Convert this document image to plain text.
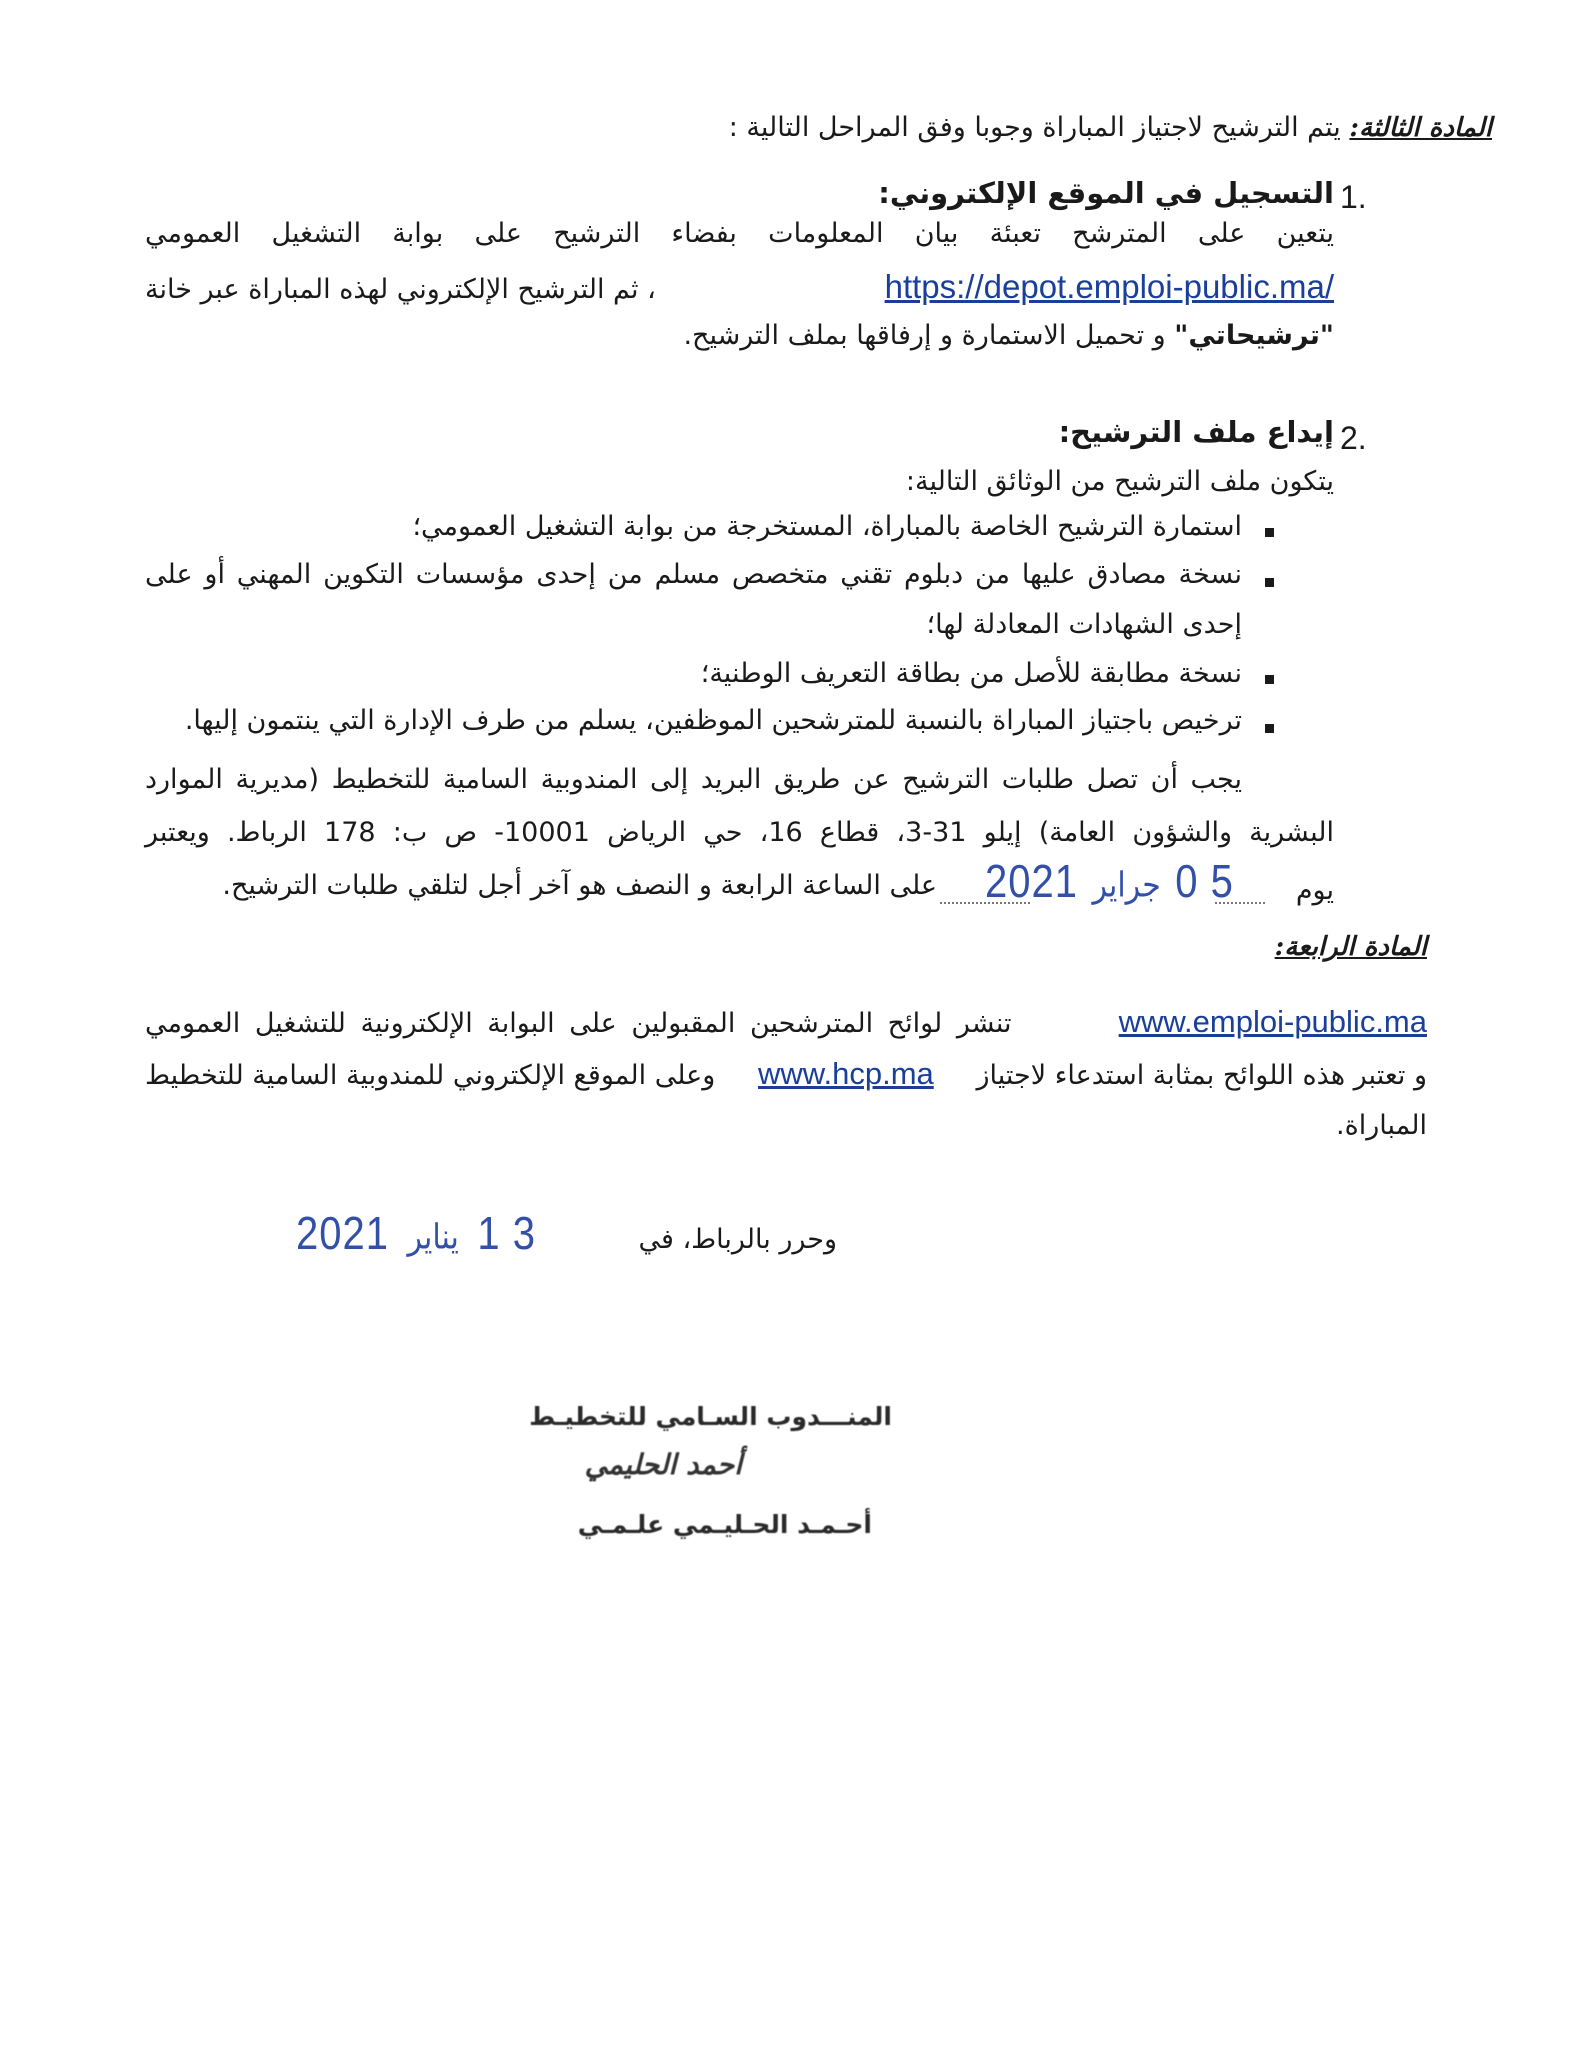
المادة الثالثة: يتم الترشيح لاجتياز المباراة وجوبا وفق المراحل التالية :
1.
التسجيل في الموقع الإلكتروني:
يتعين على المترشح تعبئة بيان المعلومات بفضاء الترشيح على بوابة التشغيل العمومي
https://depot.emploi-public.ma/
، ثم الترشيح الإلكتروني لهذه المباراة عبر خانة
"ترشيحاتي" و تحميل الاستمارة و إرفاقها بملف الترشيح.
2.
إيداع ملف الترشيح:
يتكون ملف الترشيح من الوثائق التالية:
استمارة الترشيح الخاصة بالمباراة، المستخرجة من بوابة التشغيل العمومي؛
نسخة مصادق عليها من دبلوم تقني متخصص مسلم من إحدى مؤسسات التكوين المهني أو على
إحدى الشهادات المعادلة لها؛
نسخة مطابقة للأصل من بطاقة التعريف الوطنية؛
ترخيص باجتياز المباراة بالنسبة للمترشحين الموظفين، يسلم من طرف الإدارة التي ينتمون إليها.
يجب أن تصل طلبات الترشيح عن طريق البريد إلى المندوبية السامية للتخطيط (مديرية الموارد
البشرية والشؤون العامة) إيلو 31-3، قطاع 16، حي الرياض 10001- ص ب: 178 الرباط. ويعتبر
يوم
2021 جراير 0 5
على الساعة الرابعة و النصف هو آخر أجل لتلقي طلبات الترشيح.
المادة الرابعة:
www.emploi-public.ma
تنشر لوائح المترشحين المقبولين على البوابة الإلكترونية للتشغيل العمومي
و تعتبر هذه اللوائح بمثابة استدعاء لاجتياز
www.hcp.ma
وعلى الموقع الإلكتروني للمندوبية السامية للتخطيط
المباراة.
وحرر بالرباط، في
2021 يناير 1 3
المنـــدوب السـامي للتخطيـط
أحمد الحليمي
أحـمـد الحـليـمي علـمـي
